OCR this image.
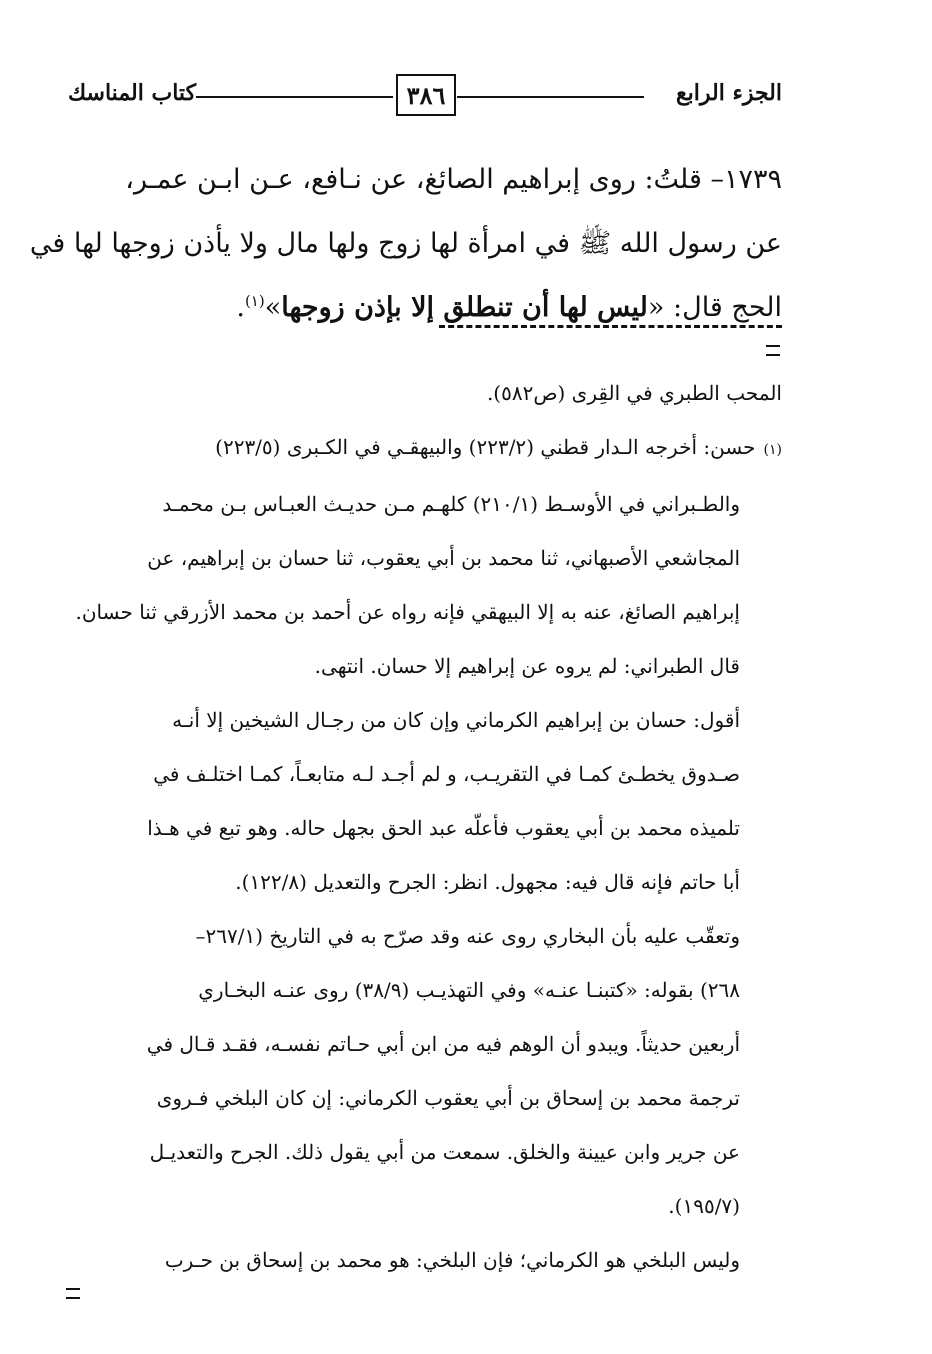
الجزء الرابع
٣٨٦
كتاب المناسك

١٧٣٩– قلتُ: روى إبراهيم الصائغ، عن نـافع، عـن ابـن عمـر،

عن رسول الله ﷺ في امرأة لها زوج ولها مال ولا يأذن زوجها لها في

الحج قال: «ليس لها أن تنطلق إلا بإذن زوجها»$^{(١)}$.

المحب الطبري في القِرى (ص٥٨٢).

(١)حسن: أخرجه الـدار قطني (٢٢٣/٢) والبيهقـي في الكـبرى (٢٢٣/٥)

والطـبراني في الأوسـط (٢١٠/١) كلهـم مـن حديـث العبـاس بـن محمـد

المجاشعي الأصبهاني، ثنا محمد بن أبي يعقوب، ثنا حسان بن إبراهيم، عن

إبراهيم الصائغ، عنه به إلا البيهقي فإنه رواه عن أحمد بن محمد الأزرقي ثنا حسان.

قال الطبراني: لم يروه عن إبراهيم إلا حسان. انتهى.

أقول: حسان بن إبراهيم الكرماني وإن كان من رجـال الشيخين إلا أنـه

صـدوق يخطـئ كمـا في التقريـب، و لم أجـد لـه متابعـاً، كمـا اختلـف في

تلميذه محمد بن أبي يعقوب فأعلّه عبد الحق بجهل حاله. وهو تبع في هـذا

أبا حاتم فإنه قال فيه: مجهول. انظر: الجرح والتعديل (١٢٢/٨).

وتعقّب عليه بأن البخاري روى عنه وقد صرّح به في التاريخ (٢٦٧/١–

٢٦٨) بقوله: «كتبنـا عنـه» وفي التهذيـب (٣٨/٩) روى عنـه البخـاري

أربعين حديثاً. ويبدو أن الوهم فيه من ابن أبي حـاتم نفسـه، فقـد قـال في

ترجمة محمد بن إسحاق بن أبي يعقوب الكرماني: إن كان البلخي فـروى

عن جرير وابن عيينة والخلق. سمعت من أبي يقول ذلك. الجرح والتعديـل

(١٩٥/٧).

وليس البلخي هو الكرماني؛ فإن البلخي: هو محمد بن إسحاق بن حـرب
